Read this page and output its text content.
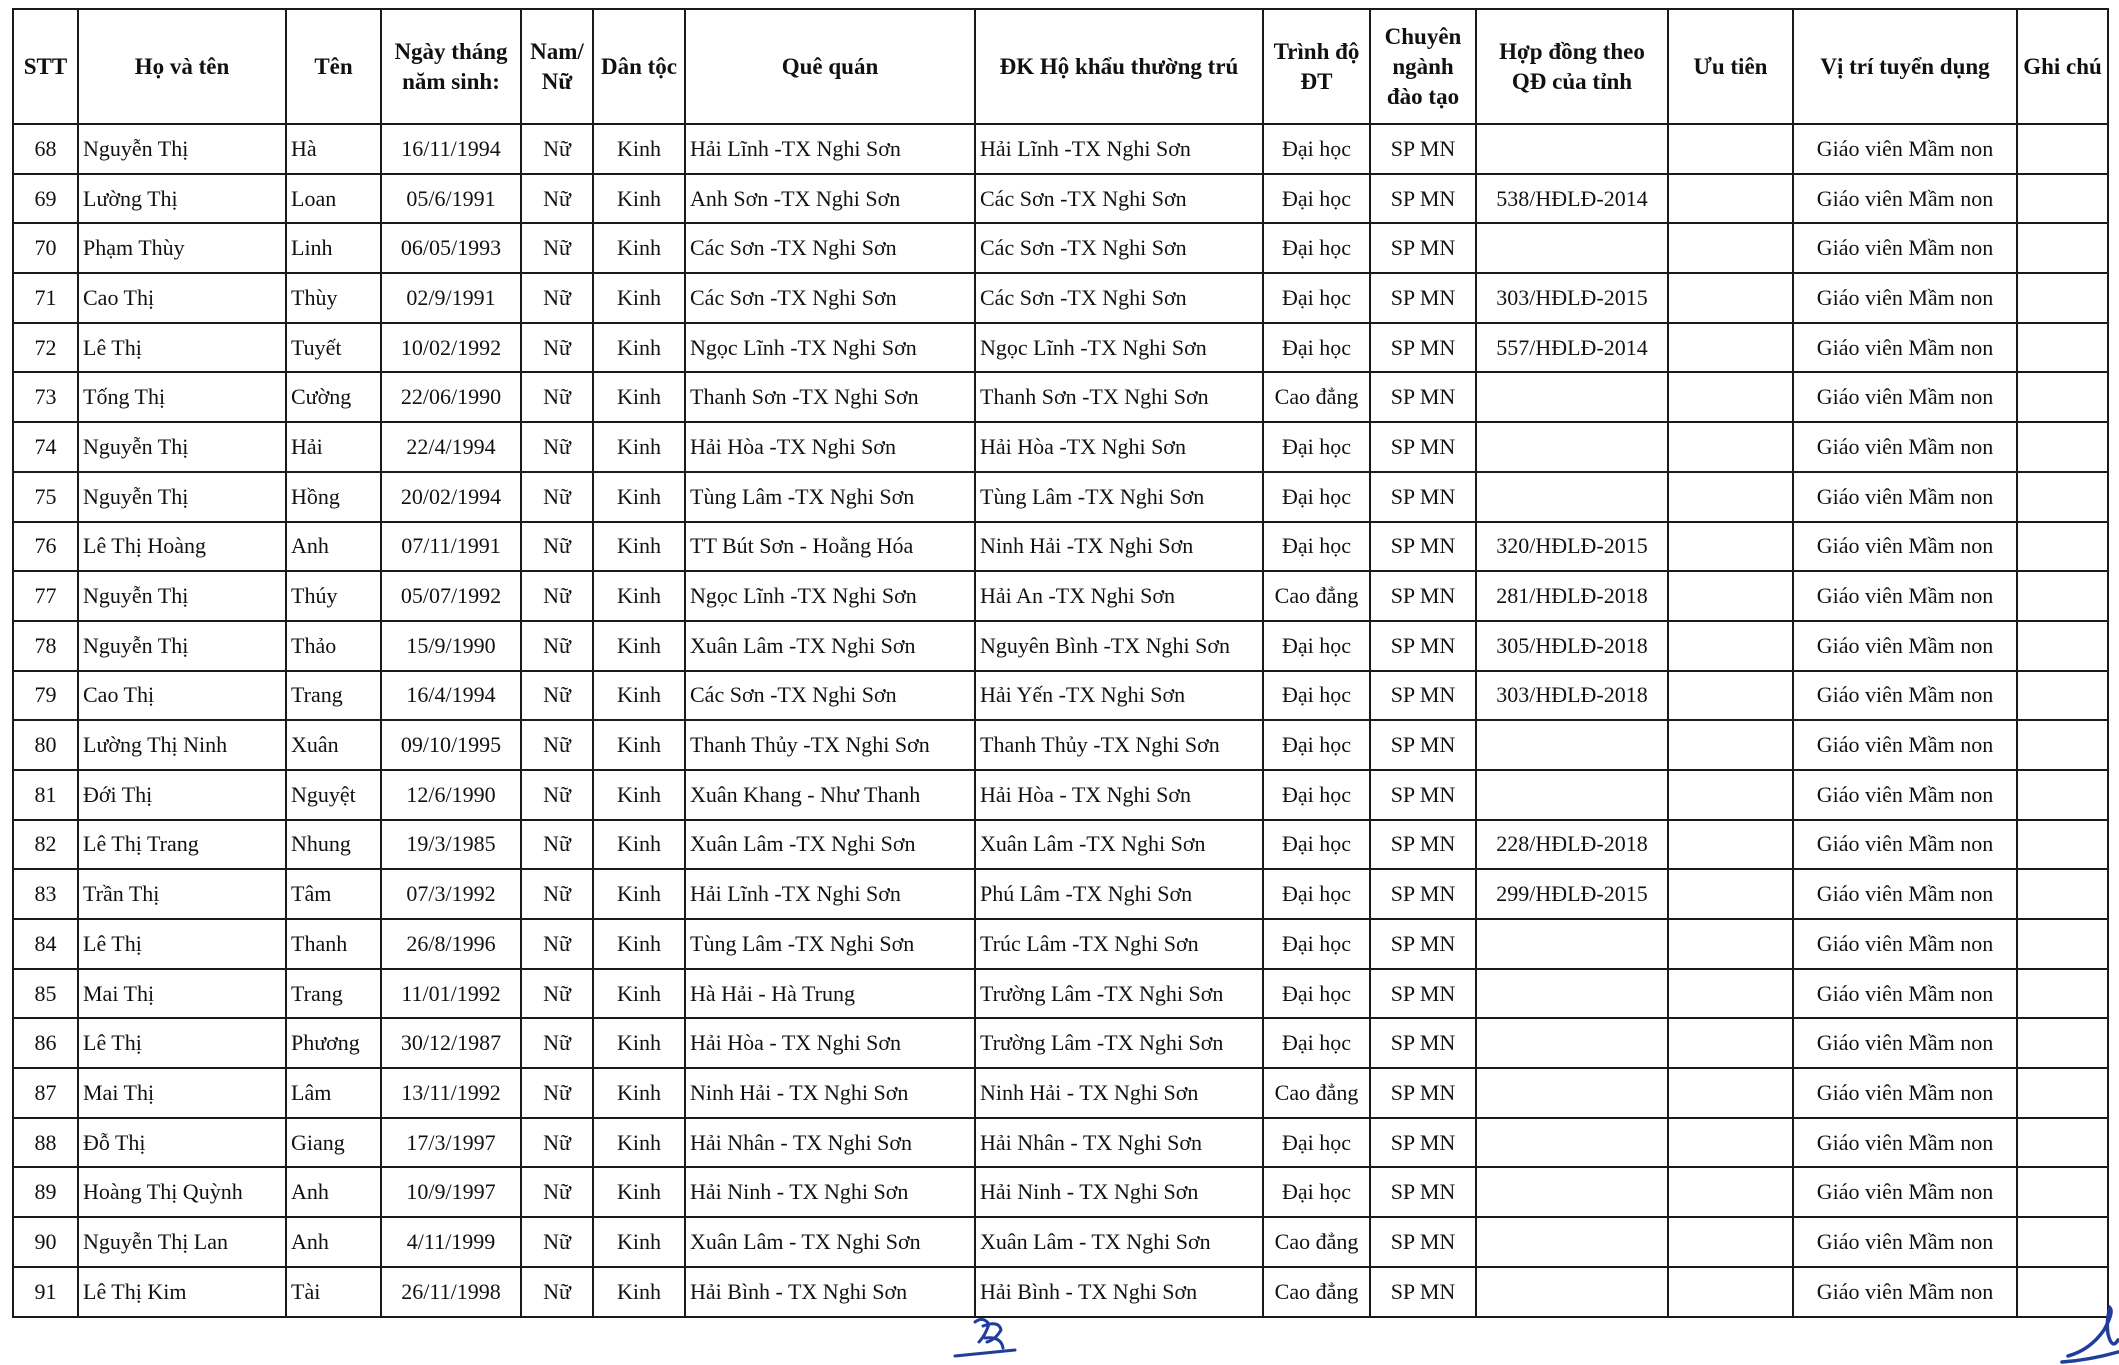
STT	Họ và tên	Tên	Ngày tháng năm sinh:	Nam/ Nữ	Dân tộc	Quê quán	ĐK Hộ khẩu thường trú	Trình độ ĐT	Chuyên ngành đào tạo	Hợp đồng theo QĐ của tỉnh	Ưu tiên	Vị trí tuyển dụng	Ghi chú
68	Nguyễn Thị	Hà	16/11/1994	Nữ	Kinh	Hải Lĩnh -TX Nghi Sơn	Hải Lĩnh -TX Nghi Sơn	Đại học	SP MN			Giáo viên Mầm non	
69	Lường Thị	Loan	05/6/1991	Nữ	Kinh	Anh Sơn -TX Nghi Sơn	Các Sơn -TX Nghi Sơn	Đại học	SP MN	538/HĐLĐ-2014		Giáo viên Mầm non	
70	Phạm Thùy	Linh	06/05/1993	Nữ	Kinh	Các Sơn -TX Nghi Sơn	Các Sơn -TX Nghi Sơn	Đại học	SP MN			Giáo viên Mầm non	
71	Cao Thị	Thùy	02/9/1991	Nữ	Kinh	Các Sơn -TX Nghi Sơn	Các Sơn -TX Nghi Sơn	Đại học	SP MN	303/HĐLĐ-2015		Giáo viên Mầm non	
72	Lê Thị	Tuyết	10/02/1992	Nữ	Kinh	Ngọc Lĩnh -TX Nghi Sơn	Ngọc Lĩnh -TX Nghi Sơn	Đại học	SP MN	557/HĐLĐ-2014		Giáo viên Mầm non	
73	Tống Thị	Cường	22/06/1990	Nữ	Kinh	Thanh Sơn -TX Nghi Sơn	Thanh Sơn -TX Nghi Sơn	Cao đẳng	SP MN			Giáo viên Mầm non	
74	Nguyễn Thị	Hải	22/4/1994	Nữ	Kinh	Hải Hòa -TX Nghi Sơn	Hải Hòa -TX Nghi Sơn	Đại học	SP MN			Giáo viên Mầm non	
75	Nguyễn Thị	Hồng	20/02/1994	Nữ	Kinh	Tùng Lâm -TX Nghi Sơn	Tùng Lâm -TX Nghi Sơn	Đại học	SP MN			Giáo viên Mầm non	
76	Lê Thị Hoàng	Anh	07/11/1991	Nữ	Kinh	TT Bút Sơn - Hoằng Hóa	Ninh Hải -TX Nghi Sơn	Đại học	SP MN	320/HĐLĐ-2015		Giáo viên Mầm non	
77	Nguyễn Thị	Thúy	05/07/1992	Nữ	Kinh	Ngọc Lĩnh -TX Nghi Sơn	Hải An -TX Nghi Sơn	Cao đẳng	SP MN	281/HĐLĐ-2018		Giáo viên Mầm non	
78	Nguyễn Thị	Thảo	15/9/1990	Nữ	Kinh	Xuân Lâm -TX Nghi Sơn	Nguyên Bình -TX Nghi Sơn	Đại học	SP MN	305/HĐLĐ-2018		Giáo viên Mầm non	
79	Cao Thị	Trang	16/4/1994	Nữ	Kinh	Các Sơn -TX Nghi Sơn	Hải Yến -TX Nghi Sơn	Đại học	SP MN	303/HĐLĐ-2018		Giáo viên Mầm non	
80	Lường Thị Ninh	Xuân	09/10/1995	Nữ	Kinh	Thanh Thủy -TX Nghi Sơn	Thanh Thủy -TX Nghi Sơn	Đại học	SP MN			Giáo viên Mầm non	
81	Đới Thị	Nguyệt	12/6/1990	Nữ	Kinh	Xuân Khang - Như Thanh	Hải Hòa - TX Nghi Sơn	Đại học	SP MN			Giáo viên Mầm non	
82	Lê Thị Trang	Nhung	19/3/1985	Nữ	Kinh	Xuân Lâm -TX Nghi Sơn	Xuân Lâm -TX Nghi Sơn	Đại học	SP MN	228/HĐLĐ-2018		Giáo viên Mầm non	
83	Trần Thị	Tâm	07/3/1992	Nữ	Kinh	Hải Lĩnh -TX Nghi Sơn	Phú Lâm -TX Nghi Sơn	Đại học	SP MN	299/HĐLĐ-2015		Giáo viên Mầm non	
84	Lê Thị	Thanh	26/8/1996	Nữ	Kinh	Tùng Lâm -TX Nghi Sơn	Trúc Lâm -TX Nghi Sơn	Đại học	SP MN			Giáo viên Mầm non	
85	Mai Thị	Trang	11/01/1992	Nữ	Kinh	Hà Hải - Hà Trung	Trường Lâm -TX Nghi Sơn	Đại học	SP MN			Giáo viên Mầm non	
86	Lê Thị	Phương	30/12/1987	Nữ	Kinh	Hải Hòa - TX Nghi Sơn	Trường Lâm -TX Nghi Sơn	Đại học	SP MN			Giáo viên Mầm non	
87	Mai Thị	Lâm	13/11/1992	Nữ	Kinh	Ninh Hải - TX Nghi Sơn	Ninh Hải - TX Nghi Sơn	Cao đẳng	SP MN			Giáo viên Mầm non	
88	Đỗ Thị	Giang	17/3/1997	Nữ	Kinh	Hải Nhân - TX Nghi Sơn	Hải Nhân - TX Nghi Sơn	Đại học	SP MN			Giáo viên Mầm non	
89	Hoàng Thị Quỳnh	Anh	10/9/1997	Nữ	Kinh	Hải Ninh - TX Nghi Sơn	Hải Ninh - TX Nghi Sơn	Đại học	SP MN			Giáo viên Mầm non	
90	Nguyễn Thị Lan	Anh	4/11/1999	Nữ	Kinh	Xuân Lâm - TX Nghi Sơn	Xuân Lâm - TX Nghi Sơn	Cao đẳng	SP MN			Giáo viên Mầm non	
91	Lê Thị Kim	Tài	26/11/1998	Nữ	Kinh	Hải Bình - TX Nghi Sơn	Hải Bình - TX Nghi Sơn	Cao đẳng	SP MN			Giáo viên Mầm non	
